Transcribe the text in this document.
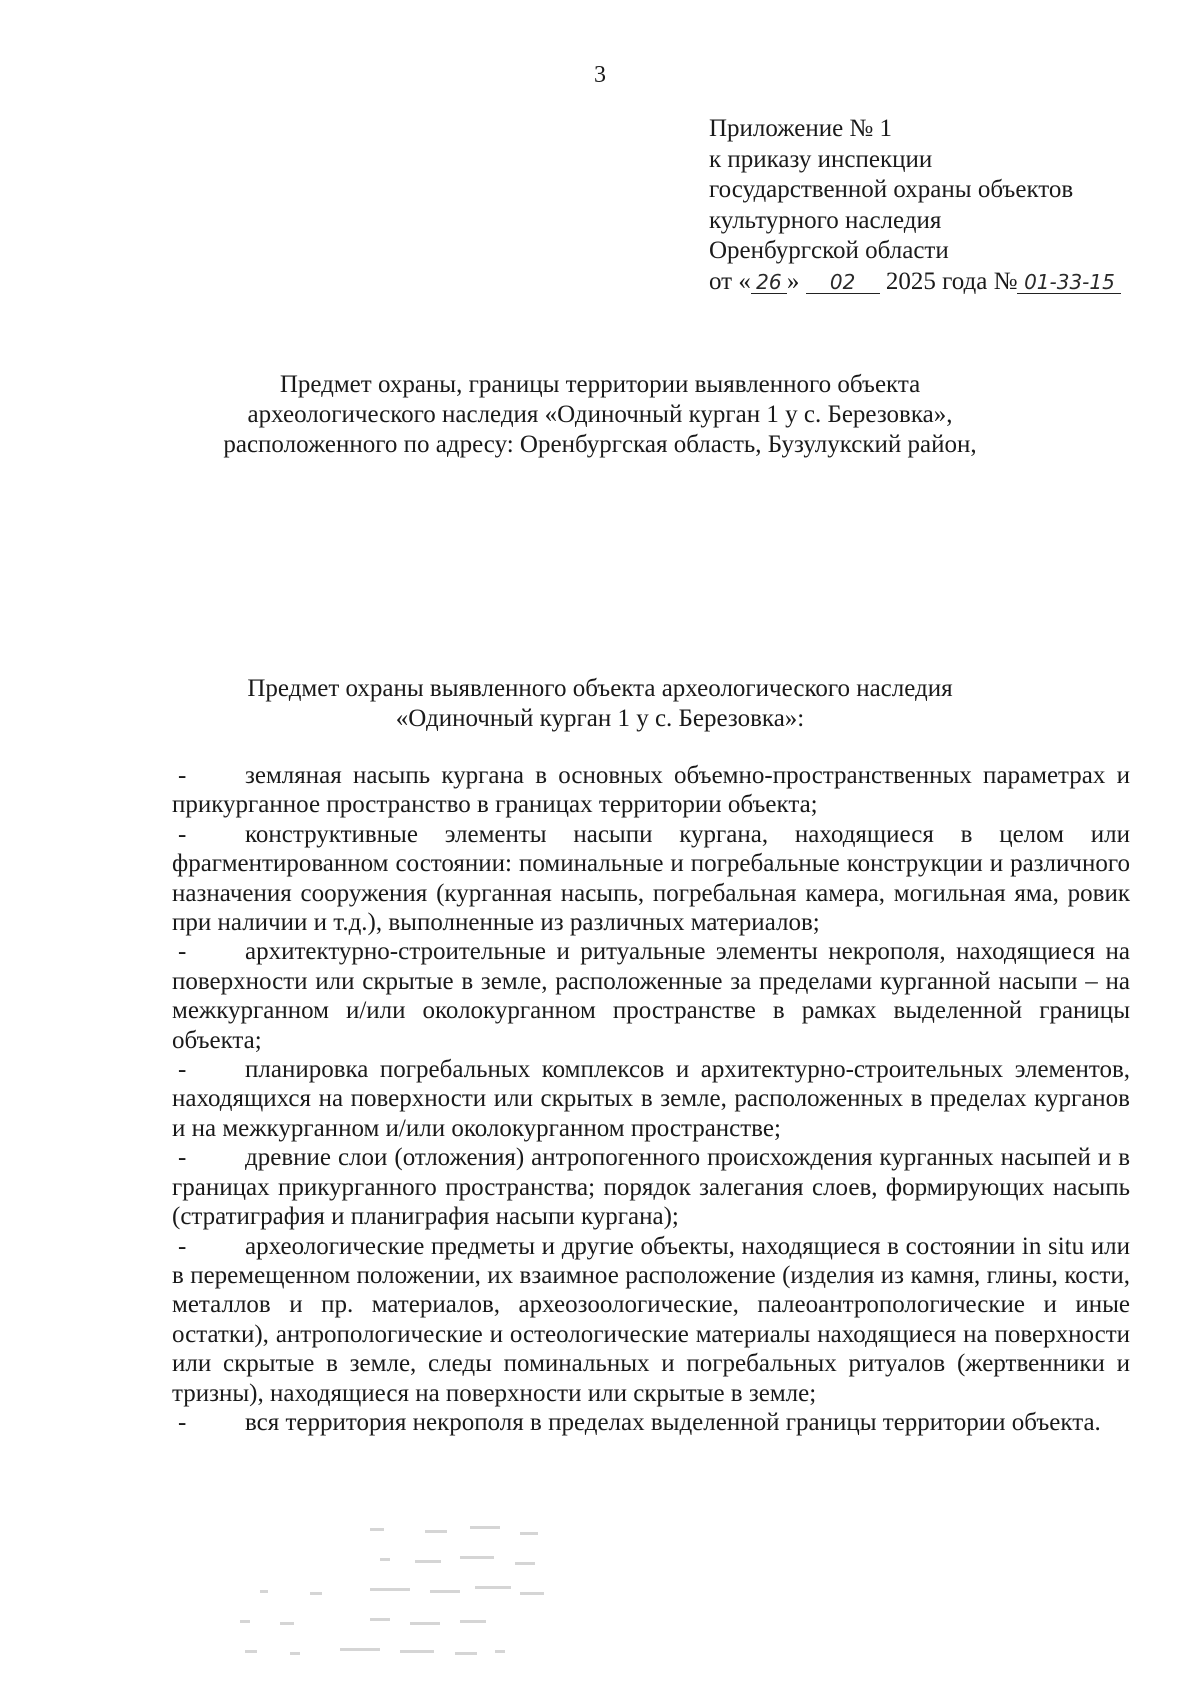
3
Приложение № 1
к приказу инспекции
государственной охраны объектов
культурного наследия
Оренбургской области
от « 26 » 02 2025 года № 01-33-15
Предмет охраны, границы территории выявленного объекта
археологического наследия «Одиночный курган 1 у с. Березовка»,
расположенного по адресу: Оренбургская область, Бузулукский район,
Предмет охраны выявленного объекта археологического наследия
«Одиночный курган 1 у с. Березовка»:

- земляная насыпь кургана в основных объемно-пространственных параметрах и прикурганное пространство в границах территории объекта;

- конструктивные элементы насыпи кургана, находящиеся в целом или фрагментированном состоянии: поминальные и погребальные конструкции и различного назначения сооружения (курганная насыпь, погребальная камера, могильная яма, ровик при наличии и т.д.), выполненные из различных материалов;

- архитектурно-строительные и ритуальные элементы некрополя, находящиеся на поверхности или скрытые в земле, расположенные за пределами курганной насыпи – на межкурганном и/или околокурганном пространстве в рамках выделенной границы объекта;

- планировка погребальных комплексов и архитектурно-строительных элементов, находящихся на поверхности или скрытых в земле, расположенных в пределах курганов и на межкурганном и/или околокурганном пространстве;

- древние слои (отложения) антропогенного происхождения курганных насыпей и в границах прикурганного пространства; порядок залегания слоев, формирующих насыпь (стратиграфия и планиграфия насыпи кургана);

- археологические предметы и другие объекты, находящиеся в состоянии in situ или в перемещенном положении, их взаимное расположение (изделия из камня, глины, кости, металлов и пр. материалов, археозоологические, палеоантропологические и иные остатки), антропологические и остеологические материалы находящиеся на поверхности или скрытые в земле, следы поминальных и погребальных ритуалов (жертвенники и тризны), находящиеся на поверхности или скрытые в земле;

- вся территория некрополя в пределах выделенной границы территории объекта.
